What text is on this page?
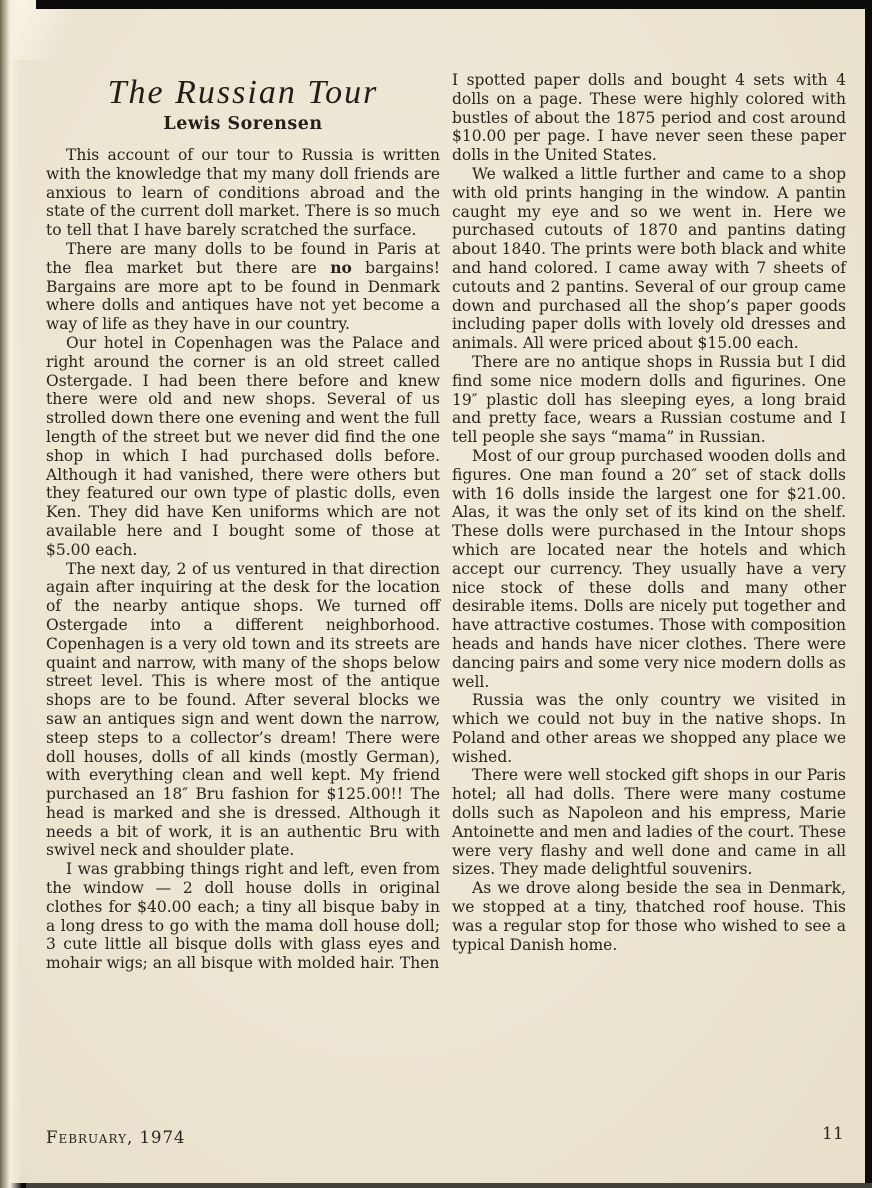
The Russian Tour
Lewis Sorensen

This account of our tour to Russia is written with the knowledge that my many doll friends are anxious to learn of conditions abroad and the state of the current doll market. There is so much to tell that I have barely scratched the surface.

There are many dolls to be found in Paris at the flea market but there are no bargains! Bargains are more apt to be found in Denmark where dolls and antiques have not yet become a way of life as they have in our country.

Our hotel in Copenhagen was the Palace and right around the corner is an old street called Ostergade. I had been there before and knew there were old and new shops. Several of us strolled down there one evening and went the full length of the street but we never did find the one shop in which I had purchased dolls before. Although it had vanished, there were others but they featured our own type of plastic dolls, even Ken. They did have Ken uniforms which are not available here and I bought some of those at $5.00 each.

The next day, 2 of us ventured in that direction again after inquiring at the desk for the location of the nearby antique shops. We turned off Ostergade into a different neighborhood. Copenhagen is a very old town and its streets are quaint and narrow, with many of the shops below street level. This is where most of the antique shops are to be found. After several blocks we saw an antiques sign and went down the narrow, steep steps to a collector’s dream! There were doll houses, dolls of all kinds (mostly German), with everything clean and well kept. My friend purchased an 18″ Bru fashion for $125.00!! The head is marked and she is dressed. Although it needs a bit of work, it is an authentic Bru with swivel neck and shoulder plate.

I was grabbing things right and left, even from the window — 2 doll house dolls in original clothes for $40.00 each; a tiny all bisque baby in a long dress to go with the mama doll house doll; 3 cute little all bisque dolls with glass eyes and mohair wigs; an all bisque with molded hair. Then

I spotted paper dolls and bought 4 sets with 4 dolls on a page. These were highly colored with bustles of about the 1875 period and cost around $10.00 per page. I have never seen these paper dolls in the United States.

We walked a little further and came to a shop with old prints hanging in the window. A pantin caught my eye and so we went in. Here we purchased cutouts of 1870 and pantins dating about 1840. The prints were both black and white and hand colored. I came away with 7 sheets of cutouts and 2 pantins. Several of our group came down and purchased all the shop’s paper goods including paper dolls with lovely old dresses and animals. All were priced about $15.00 each.

There are no antique shops in Russia but I did find some nice modern dolls and figurines. One 19″ plastic doll has sleeping eyes, a long braid and pretty face, wears a Russian costume and I tell people she says “mama” in Russian.

Most of our group purchased wooden dolls and figures. One man found a 20″ set of stack dolls with 16 dolls inside the largest one for $21.00. Alas, it was the only set of its kind on the shelf. These dolls were purchased in the Intour shops which are located near the hotels and which accept our currency. They usually have a very nice stock of these dolls and many other desirable items. Dolls are nicely put together and have attractive costumes. Those with composition heads and hands have nicer clothes. There were dancing pairs and some very nice modern dolls as well.

Russia was the only country we visited in which we could not buy in the native shops. In Poland and other areas we shopped any place we wished.

There were well stocked gift shops in our Paris hotel; all had dolls. There were many costume dolls such as Napoleon and his empress, Marie Antoinette and men and ladies of the court. These were very flashy and well done and came in all sizes. They made delightful souvenirs.

As we drove along beside the sea in Denmark, we stopped at a tiny, thatched roof house. This was a regular stop for those who wished to see a typical Danish home.

February, 1974	11
